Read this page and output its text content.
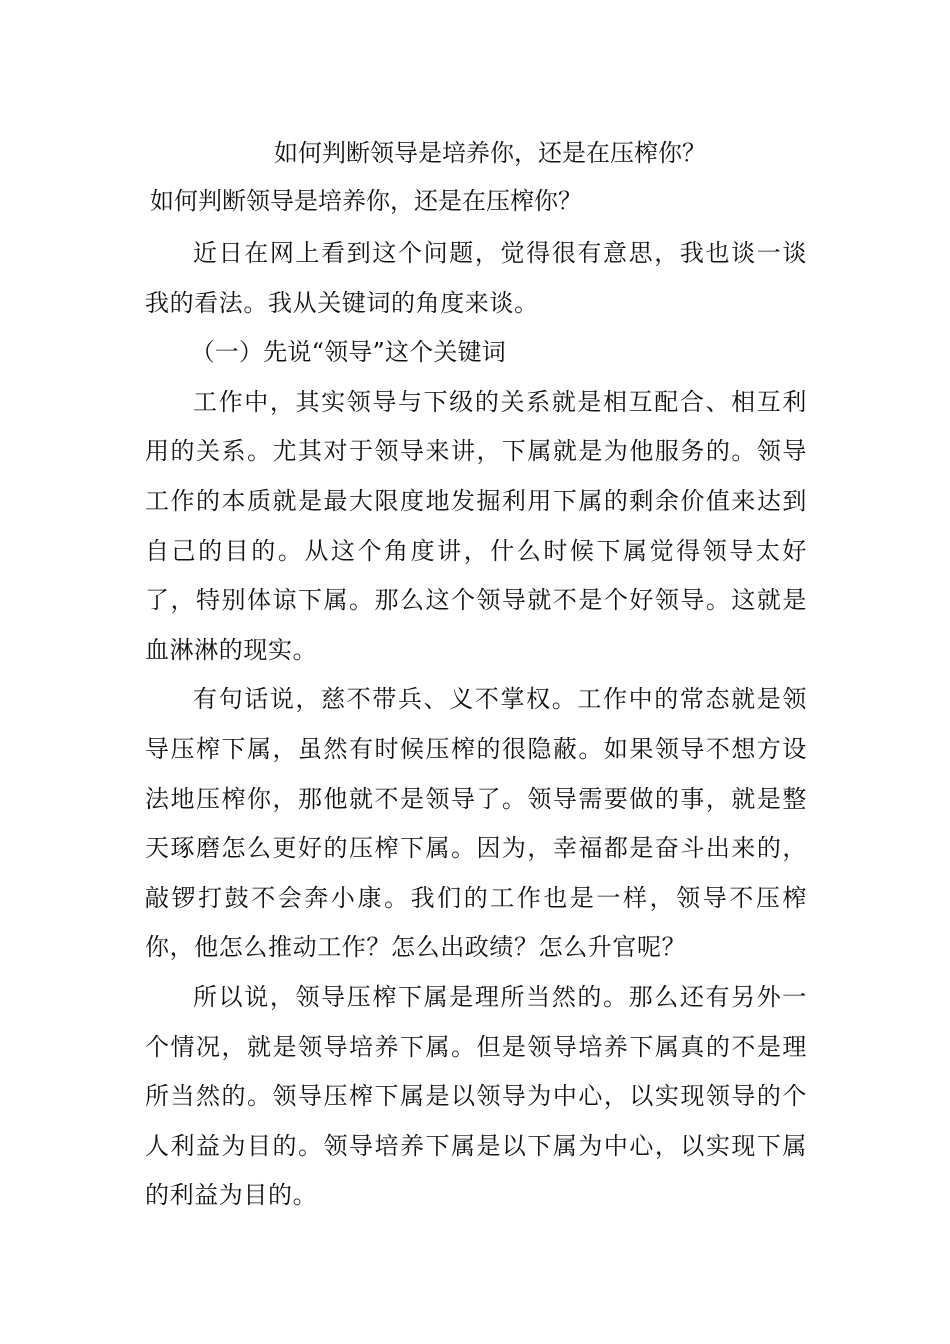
如何判断领导是培养你，还是在压榨你？

如何判断领导是培养你，还是在压榨你？

近日在网上看到这个问题，觉得很有意思，我也谈一谈我的看法。我从关键词的角度来谈。

（一）先说“领导”这个关键词

工作中，其实领导与下级的关系就是相互配合、相互利用的关系。尤其对于领导来讲，下属就是为他服务的。领导工作的本质就是最大限度地发掘利用下属的剩余价值来达到自己的目的。从这个角度讲，什么时候下属觉得领导太好了，特别体谅下属。那么这个领导就不是个好领导。这就是血淋淋的现实。

有句话说，慈不带兵、义不掌权。工作中的常态就是领导压榨下属，虽然有时候压榨的很隐蔽。如果领导不想方设法地压榨你，那他就不是领导了。领导需要做的事，就是整天琢磨怎么更好的压榨下属。因为，幸福都是奋斗出来的，敲锣打鼓不会奔小康。我们的工作也是一样，领导不压榨你，他怎么推动工作？怎么出政绩？怎么升官呢？

所以说，领导压榨下属是理所当然的。那么还有另外一个情况，就是领导培养下属。但是领导培养下属真的不是理所当然的。领导压榨下属是以领导为中心，以实现领导的个人利益为目的。领导培养下属是以下属为中心，以实现下属的利益为目的。
